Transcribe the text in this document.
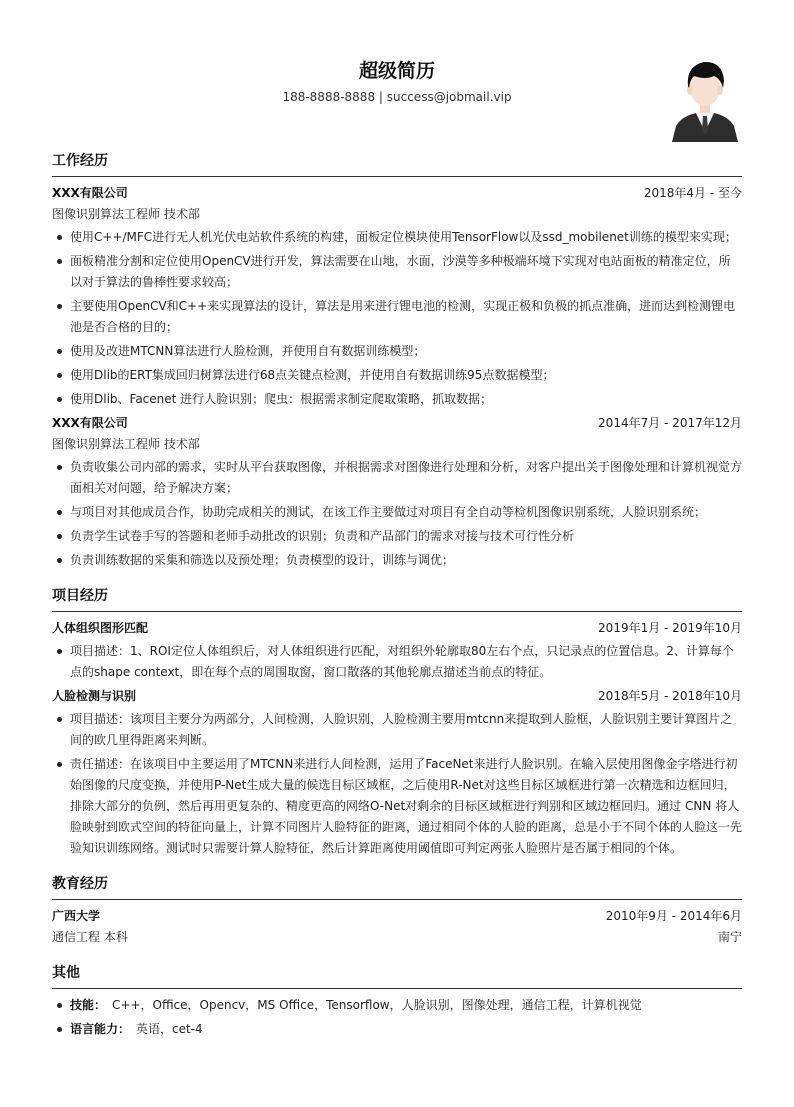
超级简历
188-8888-8888 | success@jobmail.vip
工作经历
XXX有限公司	2018年4月 - 至今
图像识别算法工程师 技术部
使用C++/MFC进行无人机光伏电站软件系统的构建，面板定位模块使用TensorFlow以及ssd_mobilenet训练的模型来实现；
面板精准分割和定位使用OpenCV进行开发，算法需要在山地，水面，沙漠等多种极端环境下实现对电站面板的精准定位，所以对于算法的鲁棒性要求较高；
主要使用OpenCV和C++来实现算法的设计，算法是用来进行锂电池的检测，实现正极和负极的抓点准确，进而达到检测锂电池是否合格的目的；
使用及改进MTCNN算法进行人脸检测，并使用自有数据训练模型；
使用Dlib的ERT集成回归树算法进行68点关键点检测，并使用自有数据训练95点数据模型；
使用Dlib、Facenet 进行人脸识别；爬虫：根据需求制定爬取策略，抓取数据；
XXX有限公司	2014年7月 - 2017年12月
图像识别算法工程师 技术部
负责收集公司内部的需求，实时从平台获取图像，并根据需求对图像进行处理和分析，对客户提出关于图像处理和计算机视觉方面相关对问题，给予解决方案；
与项目对其他成员合作，协助完成相关的测试，在该工作主要做过对项目有全自动等检机图像识别系统，人脸识别系统；
负责学生试卷手写的答题和老师手动批改的识别；负责和产品部门的需求对接与技术可行性分析
负责训练数据的采集和筛选以及预处理；负责模型的设计，训练与调优；
项目经历
人体组织图形匹配	2019年1月 - 2019年10月
项目描述：1、ROI定位人体组织后，对人体组织进行匹配，对组织外轮廓取80左右个点，只记录点的位置信息。2、计算每个点的shape context，即在每个点的周围取窗，窗口散落的其他轮廓点描述当前点的特征。
人脸检测与识别	2018年5月 - 2018年10月
项目描述：该项目主要分为两部分，人间检测，人脸识别，人脸检测主要用mtcnn来提取到人脸框，人脸识别主要计算图片之间的欧几里得距离来判断。
责任描述：在该项目中主要运用了MTCNN来进行人间检测，运用了FaceNet来进行人脸识别。在输入层使用图像金字塔进行初始图像的尺度变换，并使用P-Net生成大量的候选目标区域框，之后使用R-Net对这些目标区域框进行第一次精选和边框回归，排除大部分的负例，然后再用更复杂的、精度更高的网络O-Net对剩余的目标区域框进行判别和区域边框回归。通过 CNN 将人脸映射到欧式空间的特征向量上，计算不同图片人脸特征的距离，通过相同个体的人脸的距离，总是小于不同个体的人脸这一先验知识训练网络。测试时只需要计算人脸特征，然后计算距离使用阈值即可判定两张人脸照片是否属于相同的个体。
教育经历
广西大学	2010年9月 - 2014年6月
通信工程 本科	南宁
其他
技能： C++，Office，Opencv，MS Office，Tensorflow，人脸识别，图像处理，通信工程，计算机视觉
语言能力： 英语，cet-4
